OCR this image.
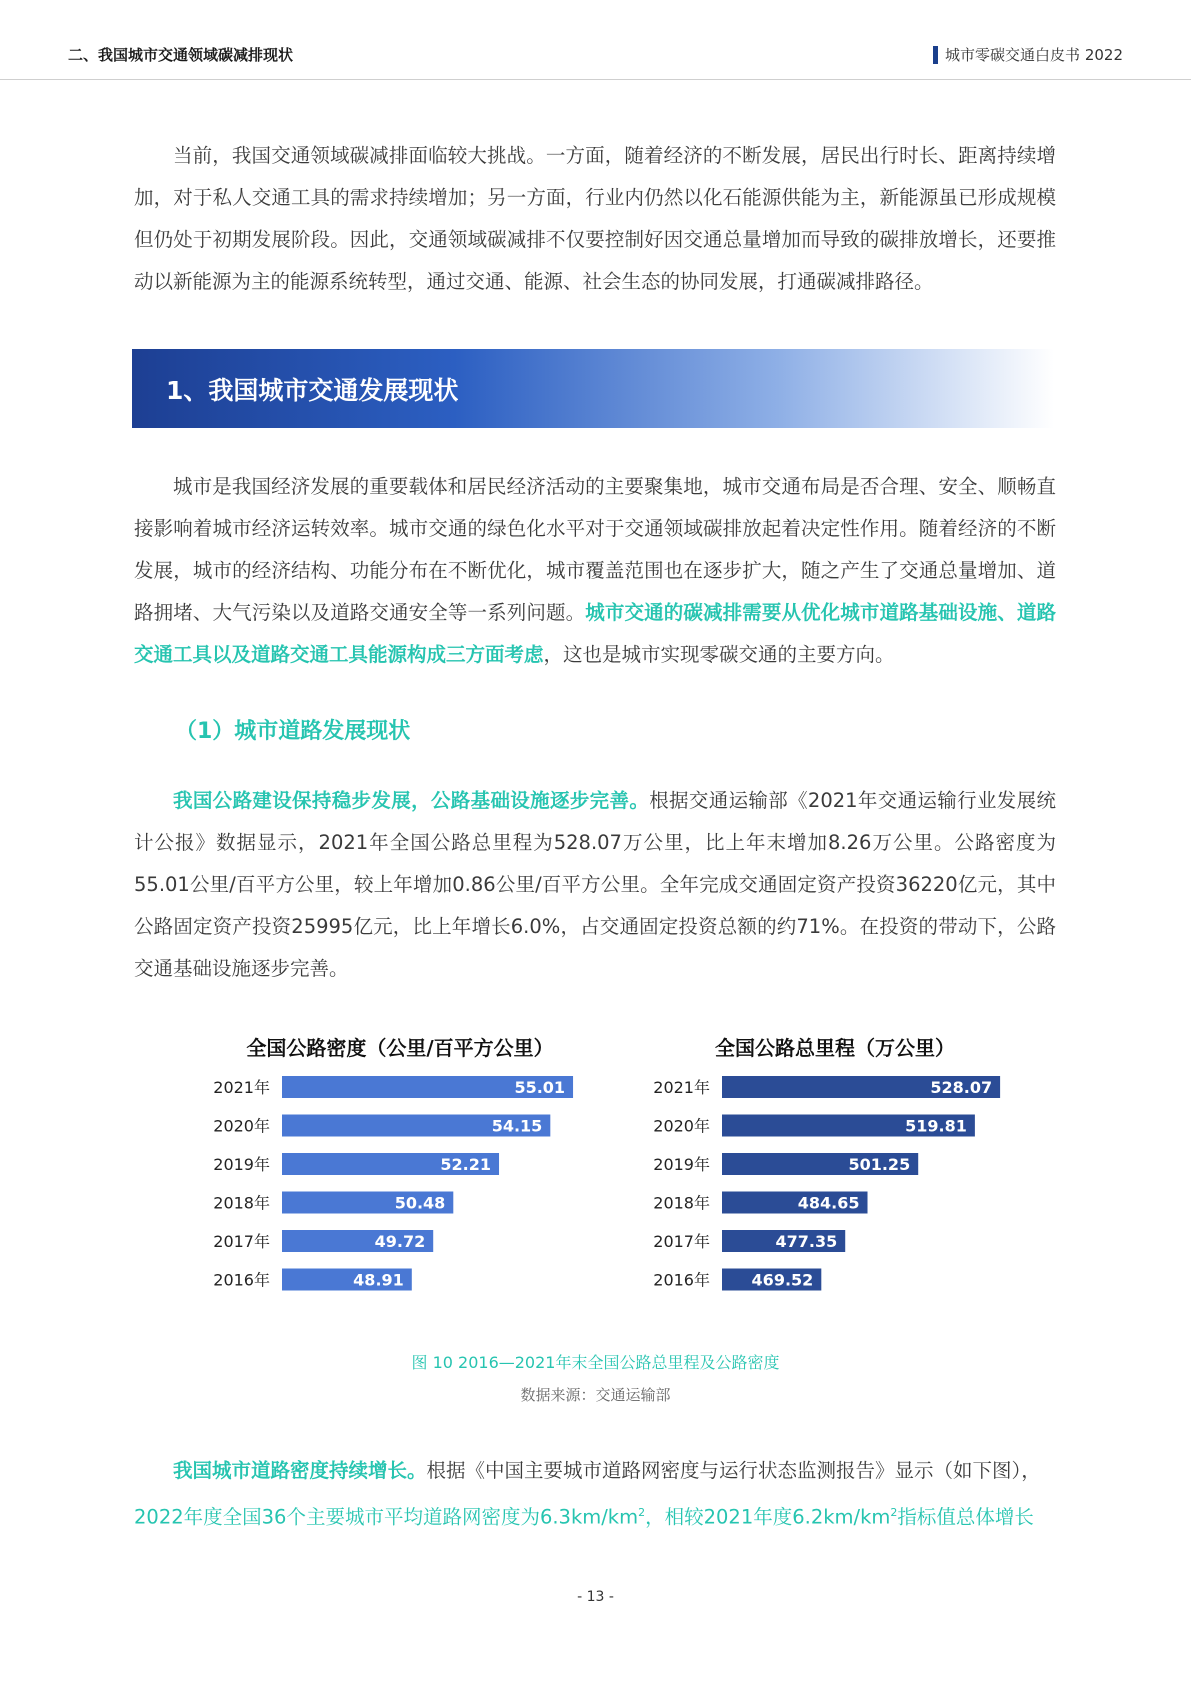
二、我国城市交通领域碳减排现状	城市零碳交通白皮书 2022

当前，我国交通领域碳减排面临较大挑战。一方面，随着经济的不断发展，居民出行时长、距离持续增加，对于私人交通工具的需求持续增加；另一方面，行业内仍然以化石能源供能为主，新能源虽已形成规模但仍处于初期发展阶段。因此，交通领域碳减排不仅要控制好因交通总量增加而导致的碳排放增长，还要推动以新能源为主的能源系统转型，通过交通、能源、社会生态的协同发展，打通碳减排路径。

1、我国城市交通发展现状

城市是我国经济发展的重要载体和居民经济活动的主要聚集地，城市交通布局是否合理、安全、顺畅直接影响着城市经济运转效率。城市交通的绿色化水平对于交通领域碳排放起着决定性作用。随着经济的不断发展，城市的经济结构、功能分布在不断优化，城市覆盖范围也在逐步扩大，随之产生了交通总量增加、道路拥堵、大气污染以及道路交通安全等一系列问题。城市交通的碳减排需要从优化城市道路基础设施、道路交通工具以及道路交通工具能源构成三方面考虑，这也是城市实现零碳交通的主要方向。

（1）城市道路发展现状

我国公路建设保持稳步发展，公路基础设施逐步完善。根据交通运输部《2021年交通运输行业发展统计公报》数据显示，2021年全国公路总里程为528.07万公里，比上年末增加8.26万公里。公路密度为55.01公里/百平方公里，较上年增加0.86公里/百平方公里。全年完成交通固定资产投资36220亿元，其中公路固定资产投资25995亿元，比上年增长6.0%，占交通固定投资总额的约71%。在投资的带动下，公路交通基础设施逐步完善。

全国公路密度（公里/百平方公里）
2021年	55.01
2020年	54.15
2019年	52.21
2018年	50.48
2017年	49.72
2016年	48.91
全国公路总里程（万公里）
2021年	528.07
2020年	519.81
2019年	501.25
2018年	484.65
2017年	477.35
2016年	469.52
图 10 2016—2021年末全国公路总里程及公路密度
数据来源：交通运输部

我国城市道路密度持续增长。根据《中国主要城市道路网密度与运行状态监测报告》显示（如下图），
2022年度全国36个主要城市平均道路网密度为$6.3km/km^2$，相较2021年度$6.2km/km^2$指标值总体增长

- 13 -
